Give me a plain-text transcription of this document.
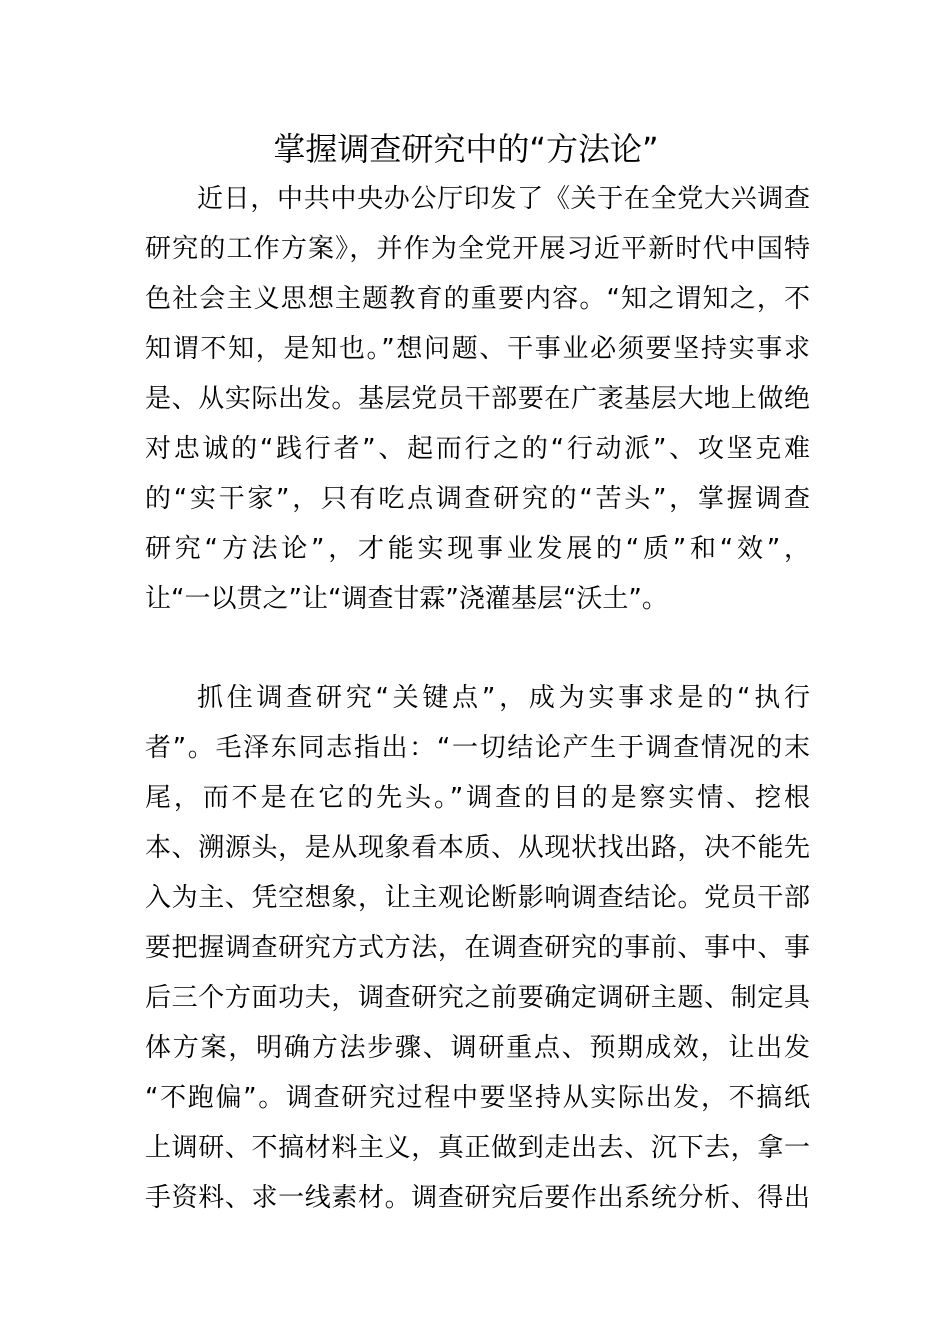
掌握调查研究中的“方法论”
近日，中共中央办公厅印发了《关于在全党大兴调查
研究的工作方案》，并作为全党开展习近平新时代中国特
色社会主义思想主题教育的重要内容。“知之谓知之，不
知谓不知，是知也。”想问题、干事业必须要坚持实事求
是、从实际出发。基层党员干部要在广袤基层大地上做绝
对忠诚的“践行者”、起而行之的“行动派”、攻坚克难
的“实干家”，只有吃点调查研究的“苦头”，掌握调查
研究“方法论”，才能实现事业发展的“质”和“效”，
让“一以贯之”让“调查甘霖”浇灌基层“沃土”。
抓住调查研究“关键点”，成为实事求是的“执行
者”。毛泽东同志指出：“一切结论产生于调查情况的末
尾，而不是在它的先头。”调查的目的是察实情、挖根
本、溯源头，是从现象看本质、从现状找出路，决不能先
入为主、凭空想象，让主观论断影响调查结论。党员干部
要把握调查研究方式方法，在调查研究的事前、事中、事
后三个方面功夫，调查研究之前要确定调研主题、制定具
体方案，明确方法步骤、调研重点、预期成效，让出发
“不跑偏”。调查研究过程中要坚持从实际出发，不搞纸
上调研、不搞材料主义，真正做到走出去、沉下去，拿一
手资料、求一线素材。调查研究后要作出系统分析、得出
